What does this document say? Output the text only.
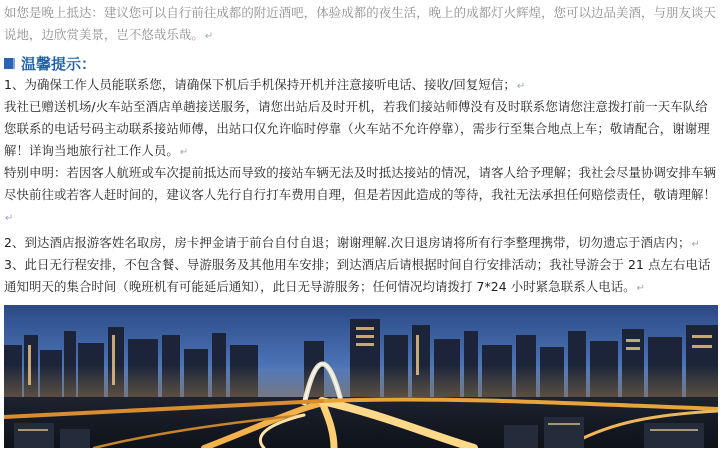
如您是晚上抵达：建议您可以自行前往成都的附近酒吧，体验成都的夜生活，晚上的成都灯火辉煌，您可以边品美酒，与朋友谈天说地，边欣赏美景，岂不悠哉乐哉。↵
温馨提示：
1、为确保工作人员能联系您，请确保下机后手机保持开机并注意接听电话、接收/回复短信；↵
我社已赠送机场/火车站至酒店单趟接送服务，请您出站后及时开机，若我们接站师傅没有及时联系您请您注意拨打前一天车队给您联系的电话号码主动联系接站师傅，出站口仅允许临时停靠（火车站不允许停靠），需步行至集合地点上车；敬请配合，谢谢理解！详询当地旅行社工作人员。↵
特别申明：若因客人航班或车次提前抵达而导致的接站车辆无法及时抵达接站的情况，请客人给予理解；我社会尽量协调安排车辆尽快前往或若客人赶时间的，建议客人先行自行打车费用自理，但是若因此造成的等待，我社无法承担任何赔偿责任，敬请理解！↵
2、到达酒店报游客姓名取房，房卡押金请于前台自付自退；谢谢理解.次日退房请将所有行李整理携带，切勿遗忘于酒店内；↵
3、此日无行程安排，不包含餐、导游服务及其他用车安排；到达酒店后请根据时间自行安排活动；我社导游会于 21 点左右电话通知明天的集合时间（晚班机有可能延后通知），此日无导游服务；任何情况均请拨打 7*24 小时紧急联系人电话。↵
